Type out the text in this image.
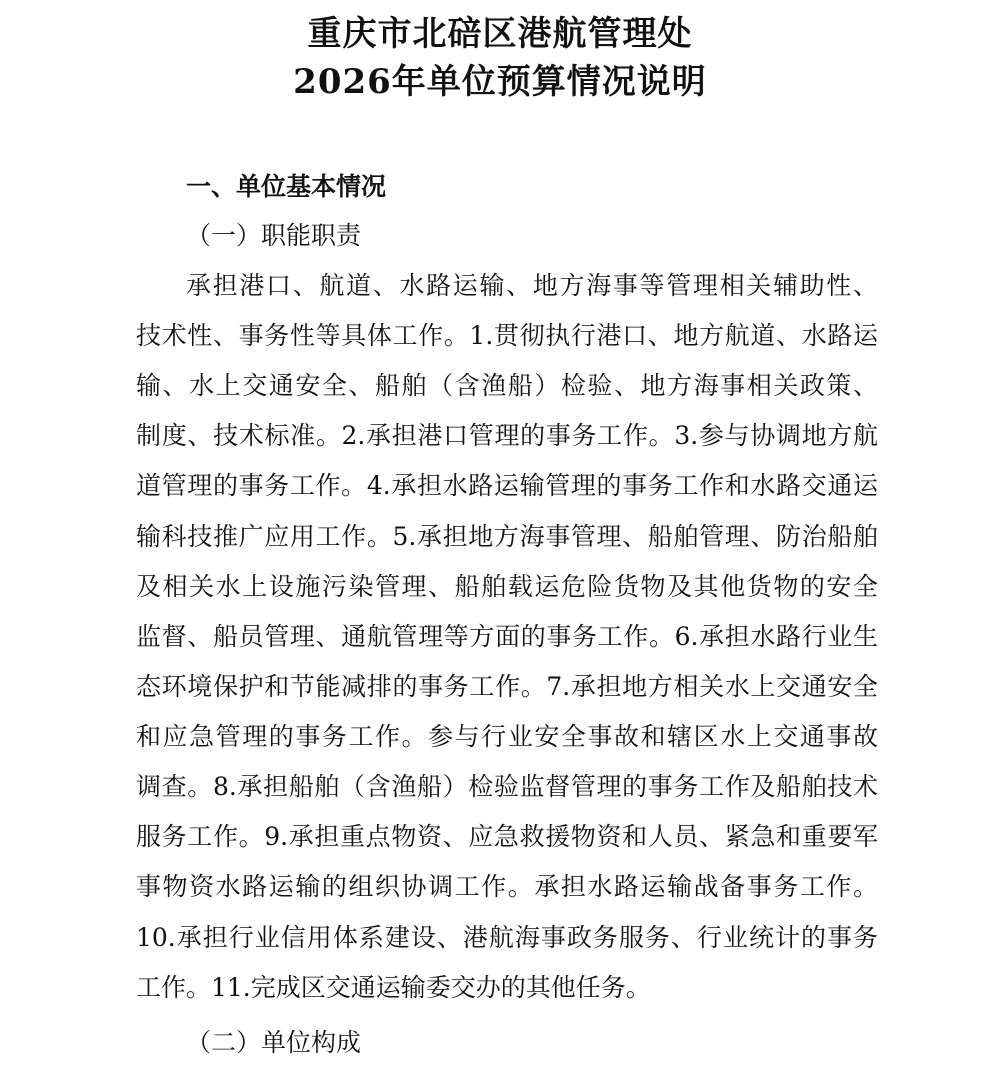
重庆市北碚区港航管理处
2026年单位预算情况说明
一、单位基本情况
（一）职能职责
承担港口、航道、水路运输、地方海事等管理相关辅助性、
技术性、事务性等具体工作。1.贯彻执行港口、地方航道、水路运
输、水上交通安全、船舶（含渔船）检验、地方海事相关政策、
制度、技术标准。2.承担港口管理的事务工作。3.参与协调地方航
道管理的事务工作。4.承担水路运输管理的事务工作和水路交通运
输科技推广应用工作。5.承担地方海事管理、船舶管理、防治船舶
及相关水上设施污染管理、船舶载运危险货物及其他货物的安全
监督、船员管理、通航管理等方面的事务工作。6.承担水路行业生
态环境保护和节能减排的事务工作。7.承担地方相关水上交通安全
和应急管理的事务工作。参与行业安全事故和辖区水上交通事故
调查。8.承担船舶（含渔船）检验监督管理的事务工作及船舶技术
服务工作。9.承担重点物资、应急救援物资和人员、紧急和重要军
事物资水路运输的组织协调工作。承担水路运输战备事务工作。
10.承担行业信用体系建设、港航海事政务服务、行业统计的事务
工作。11.完成区交通运输委交办的其他任务。
（二）单位构成
